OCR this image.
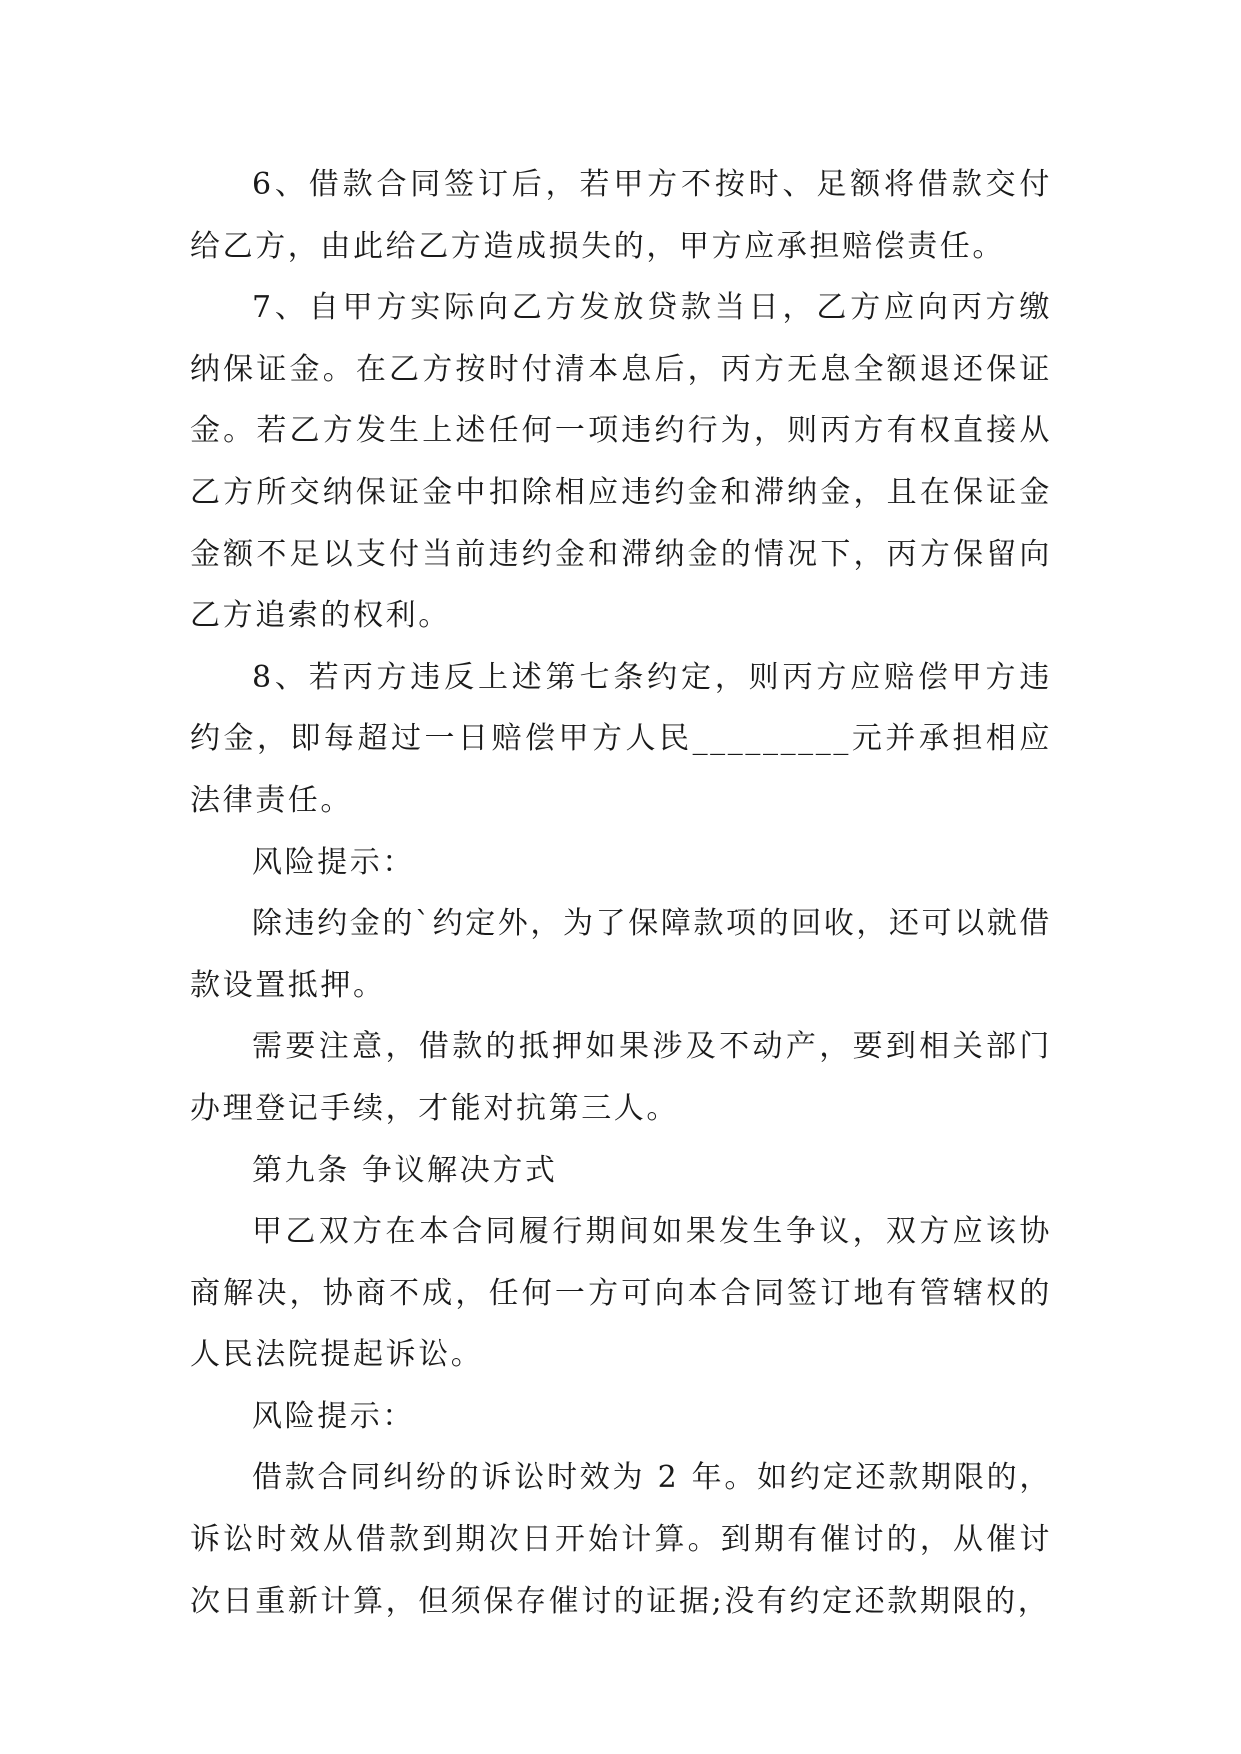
6、借款合同签订后，若甲方不按时、足额将借款交付给乙方，由此给乙方造成损失的，甲方应承担赔偿责任。

7、自甲方实际向乙方发放贷款当日，乙方应向丙方缴纳保证金。在乙方按时付清本息后，丙方无息全额退还保证金。若乙方发生上述任何一项违约行为，则丙方有权直接从乙方所交纳保证金中扣除相应违约金和滞纳金，且在保证金金额不足以支付当前违约金和滞纳金的情况下，丙方保留向乙方追索的权利。

8、若丙方违反上述第七条约定，则丙方应赔偿甲方违约金，即每超过一日赔偿甲方人民_________元并承担相应法律责任。

风险提示：

除违约金的`约定外，为了保障款项的回收，还可以就借款设置抵押。

需要注意，借款的抵押如果涉及不动产，要到相关部门办理登记手续，才能对抗第三人。

第九条 争议解决方式

甲乙双方在本合同履行期间如果发生争议，双方应该协商解决，协商不成，任何一方可向本合同签订地有管辖权的人民法院提起诉讼。

风险提示：

借款合同纠纷的诉讼时效为 2 年。如约定还款期限的，诉讼时效从借款到期次日开始计算。到期有催讨的，从催讨次日重新计算，但须保存催讨的证据;没有约定还款期限的，
